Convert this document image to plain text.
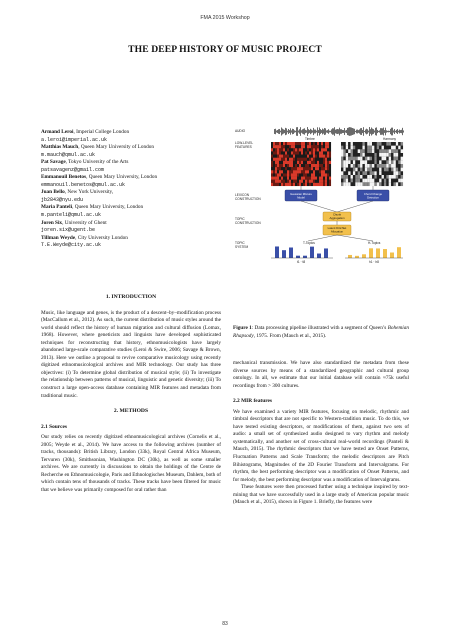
FMA 2015 Workshop
THE DEEP HISTORY OF MUSIC PROJECT
Armand Leroi, Imperial College London
a.leroi@imperial.ac.uk
Matthias Mauch, Queen Mary University of London
m.mauch@qmul.ac.uk
Pat Savage, Tokyo University of the Arts
patsavagenz@gmail.com
Emmanouil Benetos, Queen Mary University, London
emmanouil.benetos@qmul.ac.uk
Juan Bello, New York University,
jb2843@nyu.edu
Maria Panteli, Queen Mary University, London
m.panteli@qmul.ac.uk
Joren Six, University of Ghent
joren.six@ugent.be
Tillman Weyde, City University London
T.E.Weyde@city.ac.uk
AUDIO
LOW-LEVEL
FEATURES
Timbre	Harmony
LEXICON
CONSTRUCTION
Gaussian Mixture
Model
Chord Change
Detection
TOPIC
CONSTRUCTION
Chunk
Aggregation
Latent Dirichlet
Allocation
TOPIC
SYSTEM
T-Topics	H-Topics
t1 · t8	h1 · h8
Figure 1: Data processing pipeline illustrated with a segment of Queen’s Bohemian Rhapsody, 1975. From (Mauch et al., 2015).
1. INTRODUCTION

Music, like language and genes, is the product of a descent–by–modification process (MacCallum et al., 2012). As such, the current distribution of music styles around the world should reflect the history of human migration and cultural diffusion (Lomax, 1968). However, where geneticists and linguists have developed sophisticated techniques for reconstructing that history, ethnomusicologists have largely abandoned large-scale comparative studies (Leroi & Swire, 2006; Savage & Brown, 2013). Here we outline a proposal to revive comparative musicology using recently digitized ethnomusicological archives and MIR technology. Our study has three objectives: (i) To determine global distribution of musical style; (ii) To investigate the relationship between patterns of musical, linguistic and genetic diversity; (iii) To construct a large open-access database containing MIR features and metadata from traditional music.

2. METHODS
2.1 Sources

Our study relies on recently digitized ethnomusicological archives (Cornelis et al., 2005; Weyde et al., 2014). We have access to the following archives (number of tracks, thousands): British Library, London (33k), Royal Central Africa Museum, Tervuren (30k), Smithsonian, Washington DC (30k), as well as some smaller archives. We are currently in discussions to obtain the holdings of the Centre de Recherche en Ethnomusicologie, Paris and Ethnologisches Museum, Dahlem, both of which contain tens of thousands of tracks. These tracks have been filtered for music that we believe was primarily composed for oral rather than

mechanical transmission. We have also standardized the metadata from these diverse sources by means of a standardized geographic and cultural group ontology. In all, we estimate that our initial database will contain ≈75k useful recordings from > 300 cultures.

2.2 MIR features

We have examined a variety MIR features, focusing on melodic, rhythmic and timbral descriptors that are not specific to Western-tradition music. To do this, we have tested existing descriptors, or modifications of them, against two sets of audio: a small set of synthesized audio designed to vary rhythm and melody systematically, and another set of cross-cultural real-world recordings (Panteli & Mauch, 2015). The rhythmic descriptors that we have tested are Onset Patterns, Fluctuation Patterns and Scale Transform; the melodic descriptors are Pitch Bihistograms, Magnitudes of the 2D Fourier Transform and Intervalgrams. For rhythm, the best performing descriptor was a modification of Onset Patterns, and for melody, the best performing descriptor was a modification of Intervalgrams.

These features were then processed further using a technique inspired by text-mining that we have successfully used in a large study of American popular music (Mauch et al., 2015), shown in Figure 1. Briefly, the features were

83
